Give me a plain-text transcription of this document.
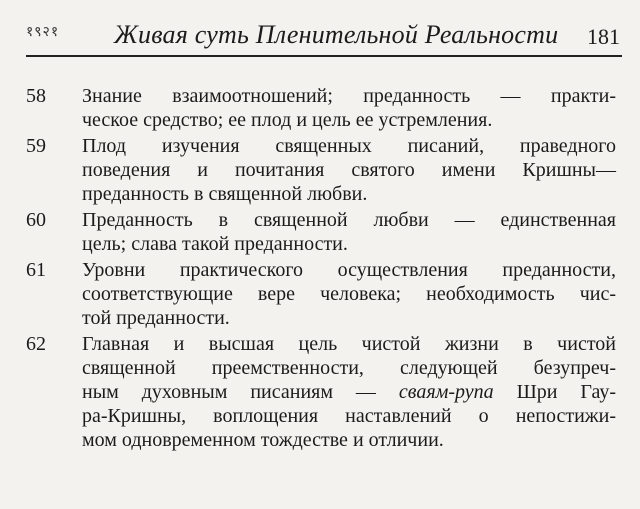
१९२१ Живая суть Пленительной Реальности 181
58	Знание взаимоотношений; преданность — практи-
ческое средство; ее плод и цель ее устремления.
59	Плод изучения священных писаний, праведного
поведения и почитания святого имени Кришны—
преданность в священной любви.
60	Преданность в священной любви — единственная
цель; слава такой преданности.
61	Уровни практического осуществления преданности,
соответствующие вере человека; необходимость чис-
той преданности.
62	Главная и высшая цель чистой жизни в чистой
священной преемственности, следующей безупреч-
ным духовным писаниям — сваям-рупа Шри Гау-
ра-Кришны, воплощения наставлений о непостижи-
мом одновременном тождестве и отличии.
